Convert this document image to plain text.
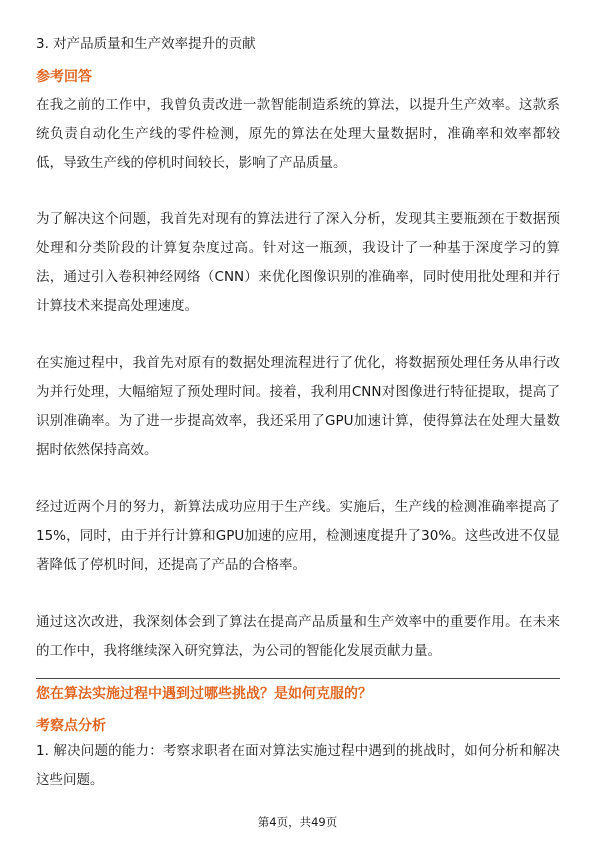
3. 对产品质量和生产效率提升的贡献
参考回答
在我之前的工作中，我曾负责改进一款智能制造系统的算法，以提升生产效率。这款系统负责自动化生产线的零件检测，原先的算法在处理大量数据时，准确率和效率都较低，导致生产线的停机时间较长，影响了产品质量。
为了解决这个问题，我首先对现有的算法进行了深入分析，发现其主要瓶颈在于数据预处理和分类阶段的计算复杂度过高。针对这一瓶颈，我设计了一种基于深度学习的算法，通过引入卷积神经网络（CNN）来优化图像识别的准确率，同时使用批处理和并行计算技术来提高处理速度。
在实施过程中，我首先对原有的数据处理流程进行了优化，将数据预处理任务从串行改为并行处理，大幅缩短了预处理时间。接着，我利用CNN对图像进行特征提取，提高了识别准确率。为了进一步提高效率，我还采用了GPU加速计算，使得算法在处理大量数据时依然保持高效。
经过近两个月的努力，新算法成功应用于生产线。实施后，生产线的检测准确率提高了15%，同时，由于并行计算和GPU加速的应用，检测速度提升了30%。这些改进不仅显著降低了停机时间，还提高了产品的合格率。
通过这次改进，我深刻体会到了算法在提高产品质量和生产效率中的重要作用。在未来的工作中，我将继续深入研究算法，为公司的智能化发展贡献力量。
您在算法实施过程中遇到过哪些挑战？是如何克服的？
考察点分析
1. 解决问题的能力：考察求职者在面对算法实施过程中遇到的挑战时，如何分析和解决这些问题。
第4页，共49页
